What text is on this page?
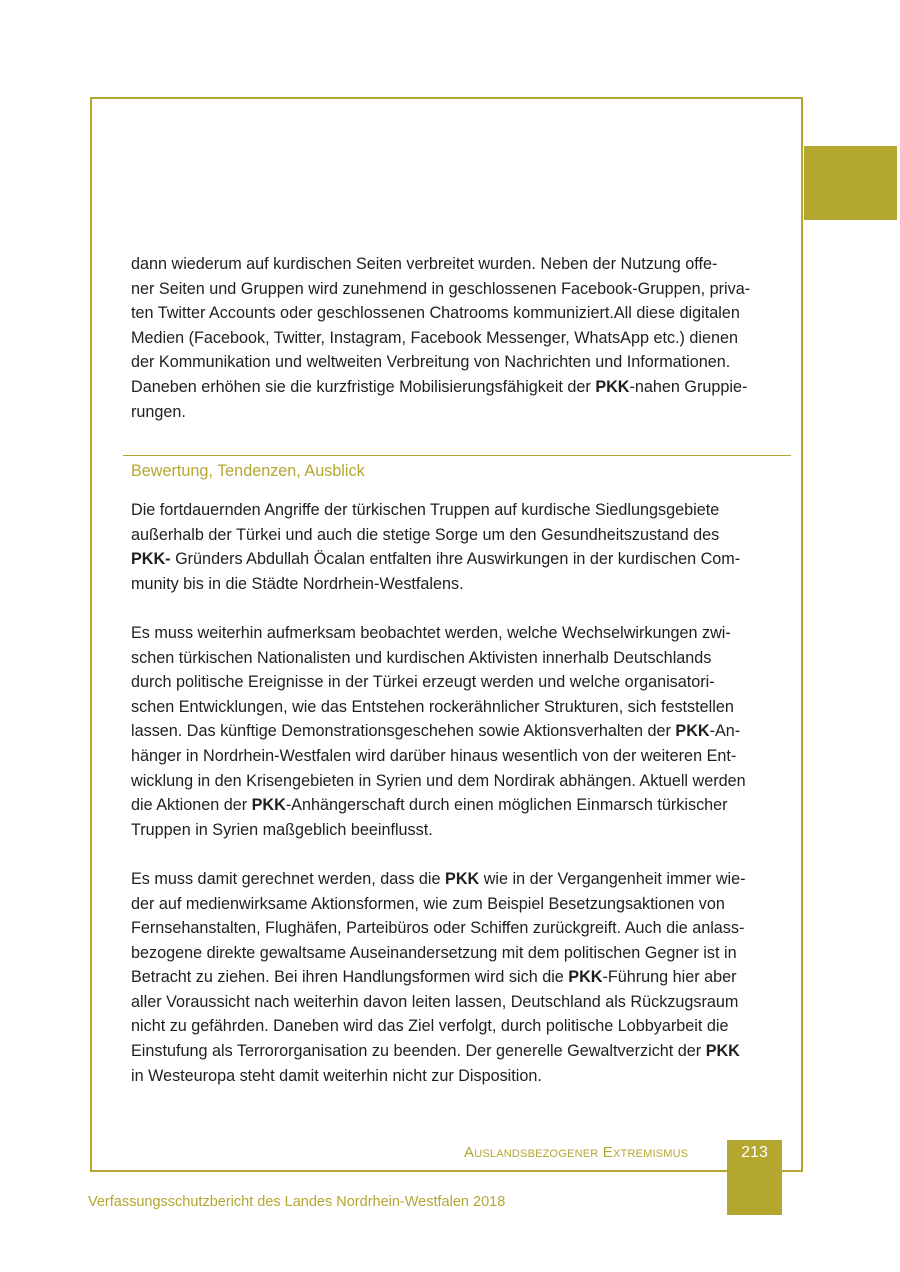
dann wiederum auf kurdischen Seiten verbreitet wurden. Neben der Nutzung offe-

ner Seiten und Gruppen wird zunehmend in geschlossenen Facebook-Gruppen, priva-

ten Twitter Accounts oder geschlossenen Chatrooms kommuniziert.All diese digitalen

Medien (Facebook, Twitter, Instagram, Facebook Messenger, WhatsApp etc.) dienen

der Kommunikation und weltweiten Verbreitung von Nachrichten und Informationen.

Daneben erhöhen sie die kurzfristige Mobilisierungsfähigkeit der PKK-nahen Gruppie-

rungen.

Bewertung, Tendenzen, Ausblick

Die fortdauernden Angriffe der türkischen Truppen auf kurdische Siedlungsgebiete

außerhalb der Türkei und auch die stetige Sorge um den Gesundheitszustand des

PKK- Gründers Abdullah Öcalan entfalten ihre Auswirkungen in der kurdischen Com-

munity bis in die Städte Nordrhein-Westfalens.

Es muss weiterhin aufmerksam beobachtet werden, welche Wechselwirkungen zwi-

schen türkischen Nationalisten und kurdischen Aktivisten innerhalb Deutschlands

durch politische Ereignisse in der Türkei erzeugt werden und welche organisatori-

schen Entwicklungen, wie das Entstehen rockerähnlicher Strukturen, sich feststellen

lassen. Das künftige Demonstrationsgeschehen sowie Aktionsverhalten der PKK-An-

hänger in Nordrhein-Westfalen wird darüber hinaus wesentlich von der weiteren Ent-

wicklung in den Krisengebieten in Syrien und dem Nordirak abhängen. Aktuell werden

die Aktionen der PKK-Anhängerschaft durch einen möglichen Einmarsch türkischer

Truppen in Syrien maßgeblich beeinflusst.

Es muss damit gerechnet werden, dass die PKK wie in der Vergangenheit immer wie-

der auf medienwirksame Aktionsformen, wie zum Beispiel Besetzungsaktionen von

Fernsehanstalten, Flughäfen, Parteibüros oder Schiffen zurückgreift. Auch die anlass-

bezogene direkte gewaltsame Auseinandersetzung mit dem politischen Gegner ist in

Betracht zu ziehen. Bei ihren Handlungsformen wird sich die PKK-Führung hier aber

aller Voraussicht nach weiterhin davon leiten lassen, Deutschland als Rückzugsraum

nicht zu gefährden. Daneben wird das Ziel verfolgt, durch politische Lobbyarbeit die

Einstufung als Terrororganisation zu beenden. Der generelle Gewaltverzicht der PKK

in Westeuropa steht damit weiterhin nicht zur Disposition.

Auslandsbezogener Extremismus	213
Verfassungsschutzbericht des Landes Nordrhein-Westfalen 2018
